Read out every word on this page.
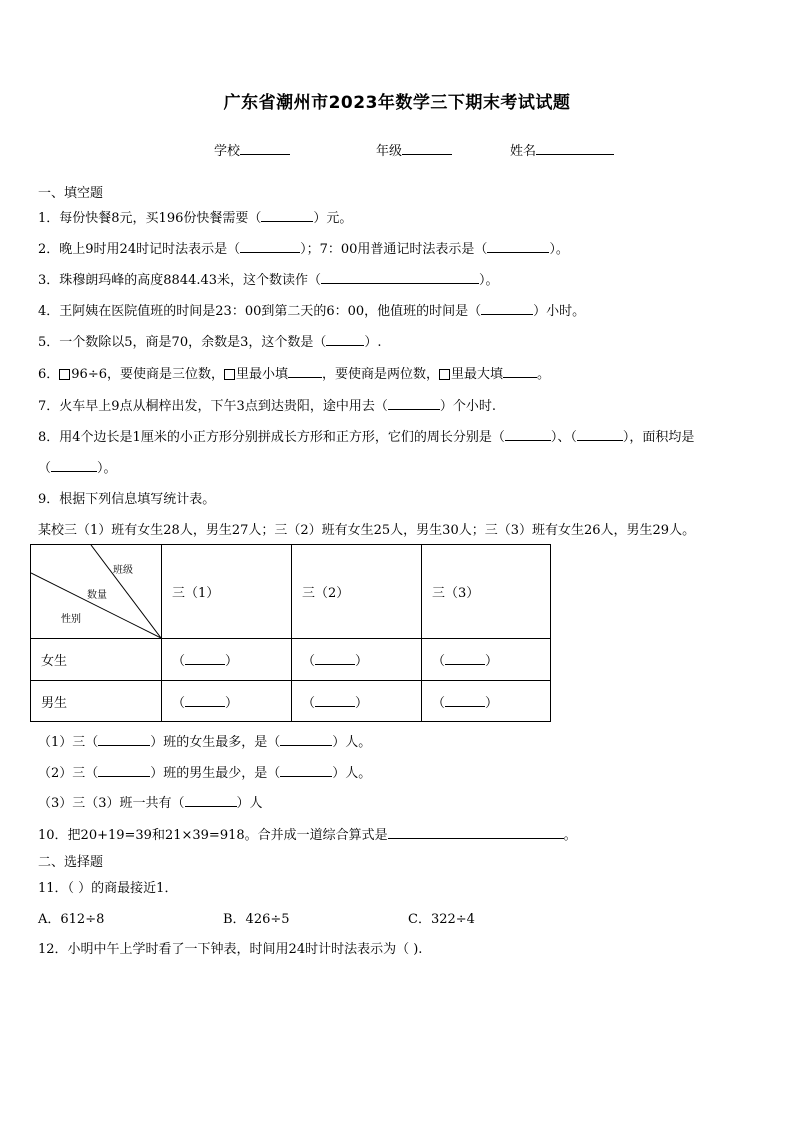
广东省潮州市2023年数学三下期末考试试题
学校	年级	姓名
一、填空题
1．每份快餐8元，买196份快餐需要（	）元。
2．晚上9时用24时记时法表示是（	）；7：00用普通记时法表示是（	）。
3．珠穆朗玛峰的高度8844.43米，这个数读作（	）。
4．王阿姨在医院值班的时间是23：00到第二天的6：00，他值班的时间是（	）小时。
5．一个数除以5，商是70，余数是3，这个数是（	）.
6． 96÷6，要使商是三位数， 里最小填	，要使商是两位数， 里最大填	。
7．火车早上9点从桐梓出发，下午3点到达贵阳，途中用去（	）个小时.
8．用4个边长是1厘米的小正方形分别拼成长方形和正方形，它们的周长分别是（	）、（	），面积均是
（	）。
9．根据下列信息填写统计表。
某校三（1）班有女生28人，男生27人；三（2）班有女生25人，男生30人；三（3）班有女生26人，男生29人。
班级
数量
性别	三（1）	三（2）	三（3）
女生	（ ）	（ ）	（ ）
男生	（ ）	（ ）	（ ）
（1）三（	）班的女生最多，是（	）人。
（2）三（	）班的男生最少，是（	）人。
（3）三（3）班一共有（	）人
10．把20+19=39和21×39=918。合并成一道综合算式是	。
二、选择题
11．（ ）的商最接近1．
A．612÷8	B．426÷5	C．322÷4
12．小明中午上学时看了一下钟表，时间用24时计时法表示为（ ).
